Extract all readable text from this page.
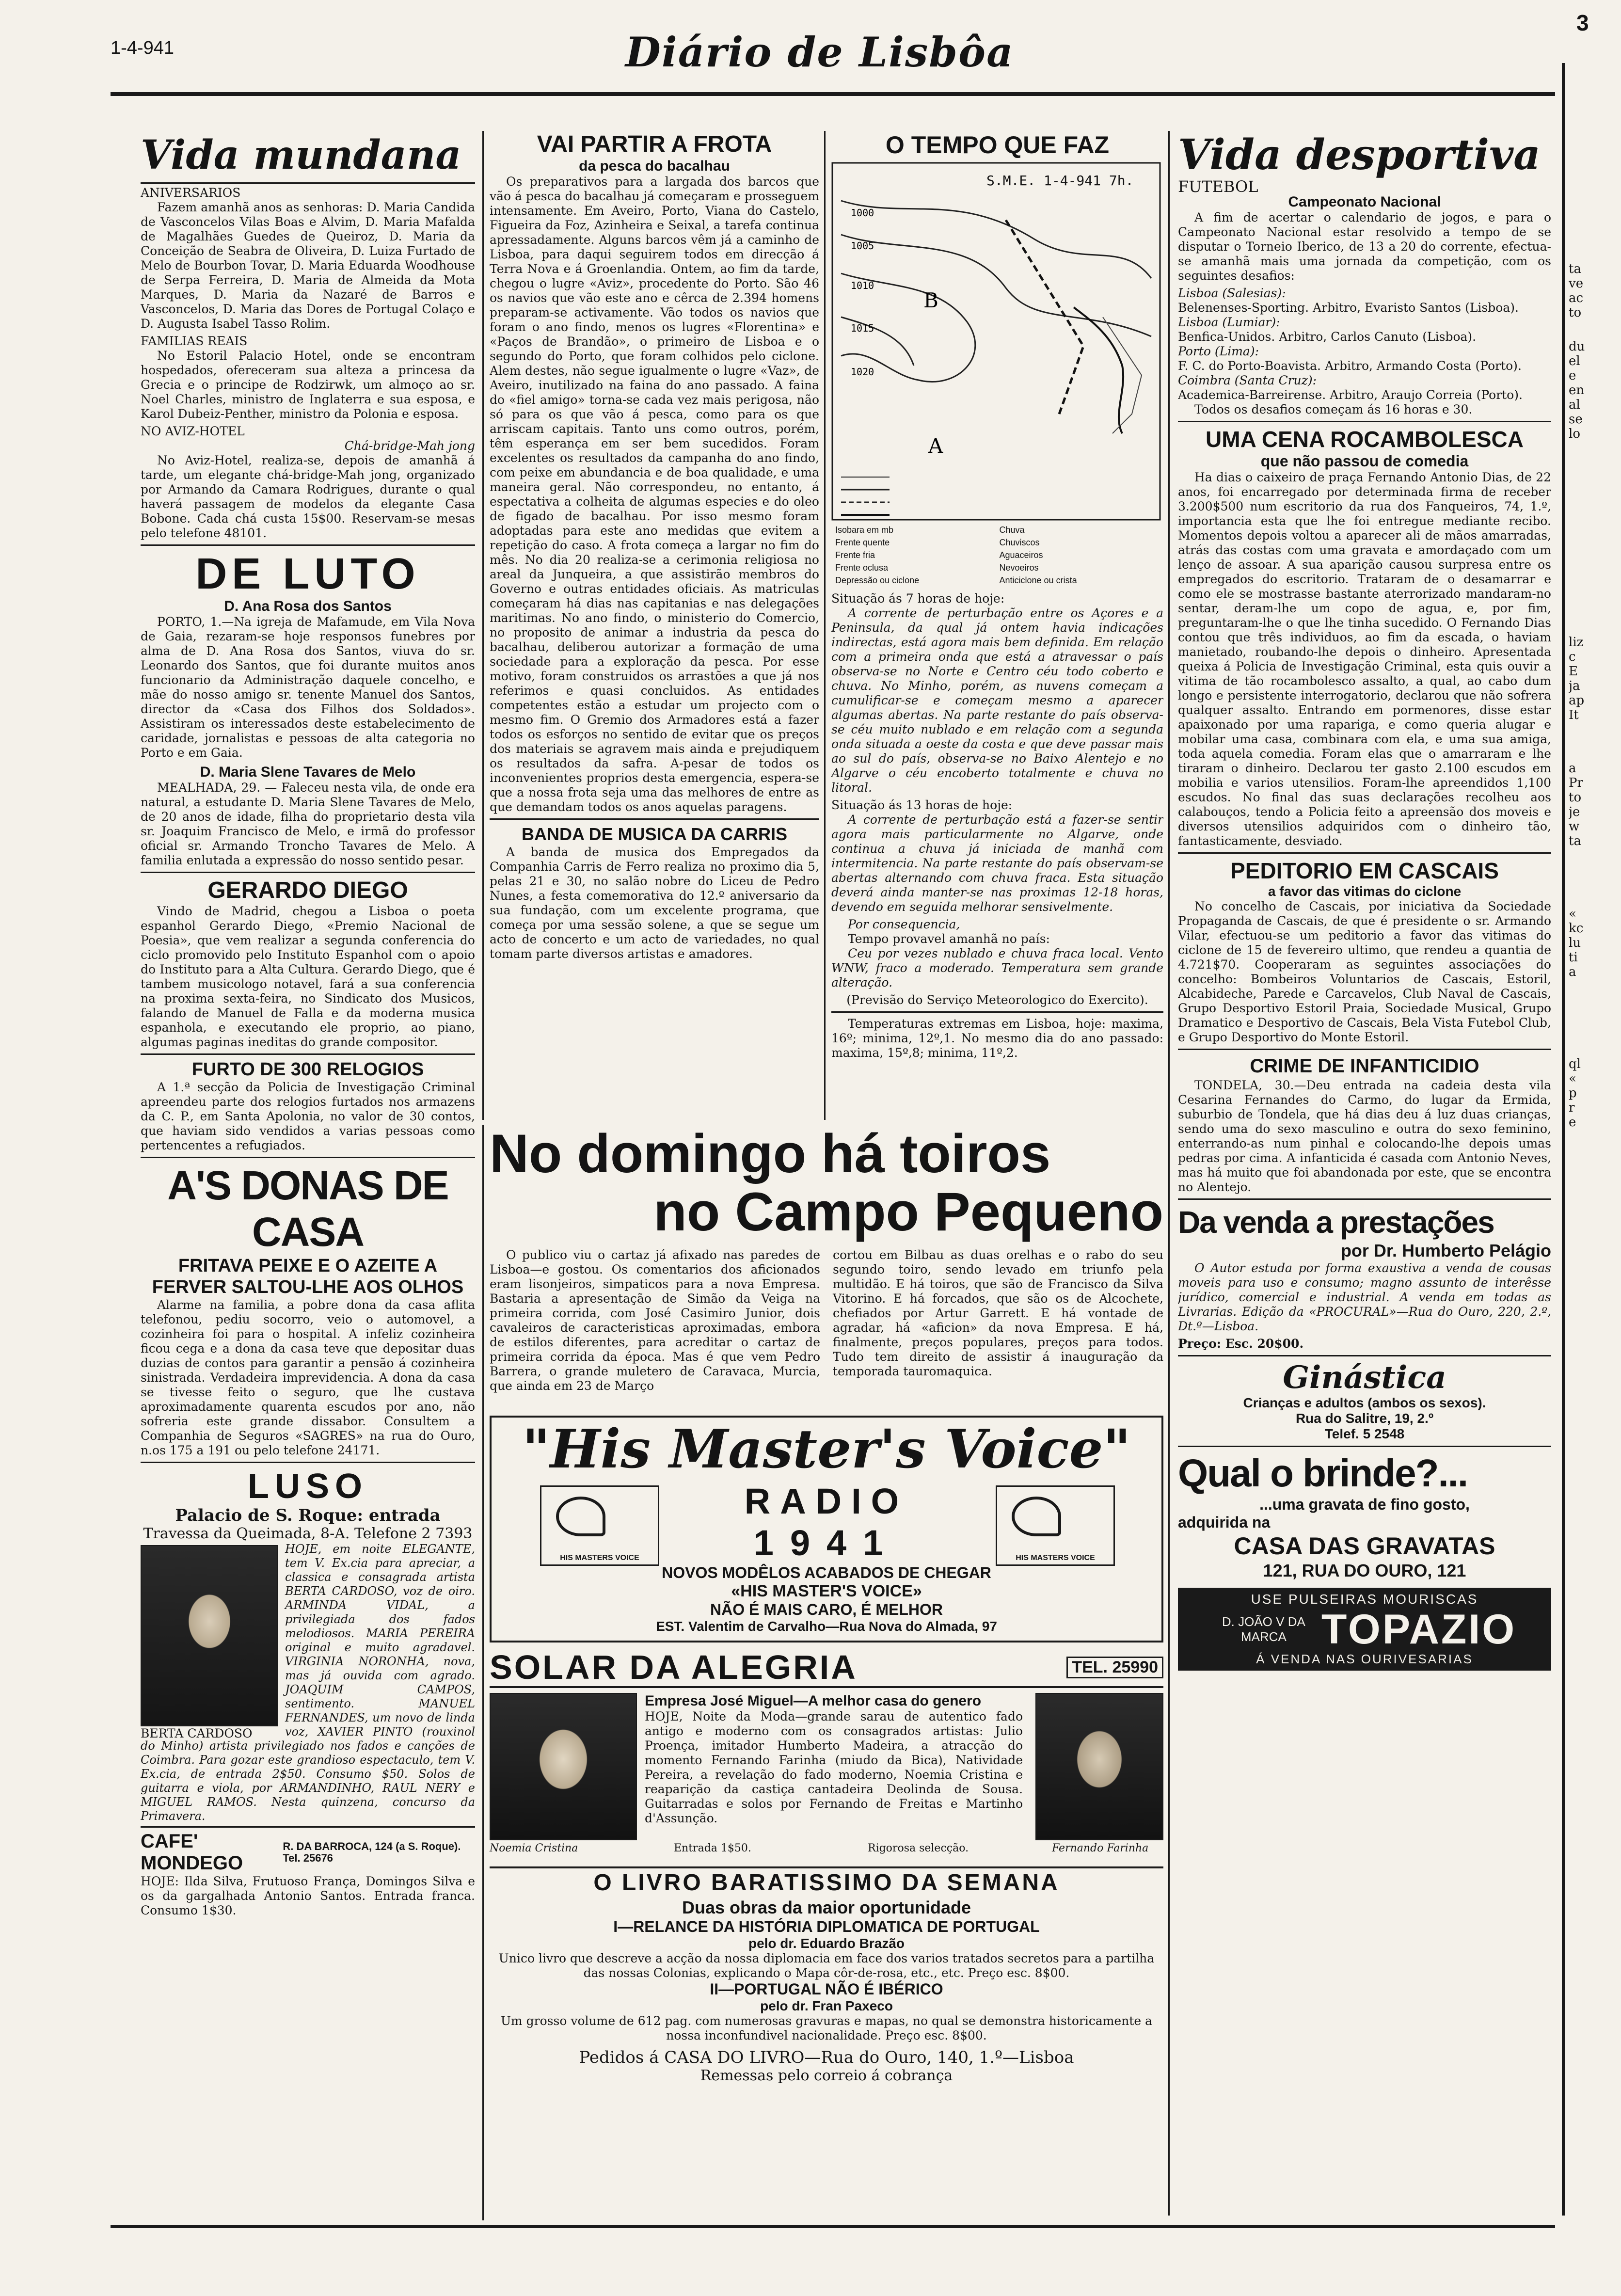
1-4-941	Diário de Lisbôa
3
Vida mundana
ANIVERSARIOS

Fazem amanhã anos as senhoras: D. Maria Candida de Vasconcelos Vilas Boas e Alvim, D. Maria Mafalda de Magalhães Guedes de Queiroz, D. Maria da Conceição de Seabra de Oliveira, D. Luiza Furtado de Melo de Bourbon Tovar, D. Maria Eduarda Woodhouse de Serpa Ferreira, D. Maria de Almeida da Mota Marques, D. Maria da Nazaré de Barros e Vasconcelos, D. Maria das Dores de Portugal Colaço e D. Augusta Isabel Tasso Rolim.

FAMILIAS REAIS

No Estoril Palacio Hotel, onde se encontram hospedados, ofereceram sua alteza a princesa da Grecia e o principe de Rodzirwk, um almoço ao sr. Noel Charles, ministro de Inglaterra e sua esposa, e Karol Dubeiz-Penther, ministro da Polonia e esposa.

NO AVIZ-HOTEL
Chá-bridge-Mah jong

No Aviz-Hotel, realiza-se, depois de amanhã á tarde, um elegante chá-bridge-Mah jong, organizado por Armando da Camara Rodrigues, durante o qual haverá passagem de modelos da elegante Casa Bobone. Cada chá custa 15$00. Reservam-se mesas pelo telefone 48101.

DE LUTO
D. Ana Rosa dos Santos

PORTO, 1.—Na igreja de Mafamude, em Vila Nova de Gaia, rezaram-se hoje responsos funebres por alma de D. Ana Rosa dos Santos, viuva do sr. Leonardo dos Santos, que foi durante muitos anos funcionario da Administração daquele concelho, e mãe do nosso amigo sr. tenente Manuel dos Santos, director da «Casa dos Filhos dos Soldados». Assistiram os interessados deste estabelecimento de caridade, jornalistas e pessoas de alta categoria no Porto e em Gaia.

D. Maria Slene Tavares de Melo

MEALHADA, 29. — Faleceu nesta vila, de onde era natural, a estudante D. Maria Slene Tavares de Melo, de 20 anos de idade, filha do proprietario desta vila sr. Joaquim Francisco de Melo, e irmã do professor oficial sr. Armando Troncho Tavares de Melo. A familia enlutada a expressão do nosso sentido pesar.

GERARDO DIEGO

Vindo de Madrid, chegou a Lisboa o poeta espanhol Gerardo Diego, «Premio Nacional de Poesia», que vem realizar a segunda conferencia do ciclo promovido pelo Instituto Espanhol com o apoio do Instituto para a Alta Cultura. Gerardo Diego, que é tambem musicologo notavel, fará a sua conferencia na proxima sexta-feira, no Sindicato dos Musicos, falando de Manuel de Falla e da moderna musica espanhola, e executando ele proprio, ao piano, algumas paginas ineditas do grande compositor.

FURTO DE 300 RELOGIOS

A 1.ª secção da Policia de Investigação Criminal apreendeu parte dos relogios furtados nos armazens da C. P., em Santa Apolonia, no valor de 30 contos, que haviam sido vendidos a varias pessoas como pertencentes a refugiados.

A'S DONAS DE CASA
FRITAVA PEIXE E O AZEITE A FERVER SALTOU-LHE AOS OLHOS

Alarme na familia, a pobre dona da casa aflita telefonou, pediu socorro, veio o automovel, a cozinheira foi para o hospital. A infeliz cozinheira ficou cega e a dona da casa teve que depositar duas duzias de contos para garantir a pensão á cozinheira sinistrada. Verdadeira imprevidencia. A dona da casa se tivesse feito o seguro, que lhe custava aproximadamente quarenta escudos por ano, não sofreria este grande dissabor. Consultem a Companhia de Seguros «SAGRES» na rua do Ouro, n.os 175 a 191 ou pelo telefone 24171.

LUSO
Palacio de S. Roque: entrada
Travessa da Queimada, 8-A. Telefone 2 7393
HOJE, em noite ELEGANTE, tem V. Ex.cia para apreciar, a classica e consagrada artista BERTA CARDOSO, voz de oiro. ARMINDA VIDAL, a privilegiada dos fados melodiosos. MARIA PEREIRA original e muito agradavel. VIRGINIA NORONHA, nova, mas já ouvida com agrado. JOAQUIM CAMPOS, sentimento. MANUEL FERNANDES, um novo de linda voz, XAVIER PINTO (rouxinol do Minho) artista privilegiado nos fados e canções de Coimbra. Para gozar este grandioso espectaculo, tem V. Ex.cia, de entrada 2$50. Consumo $50. Solos de guitarra e viola, por ARMANDINHO, RAUL NERY e MIGUEL RAMOS. Nesta quinzena, concurso da Primavera.
BERTA CARDOSO
CAFE' MONDEGO
R. DA BARROCA, 124 (a S. Roque). Tel. 25676
HOJE: Ilda Silva, Frutuoso França, Domingos Silva e os da gargalhada Antonio Santos. Entrada franca. Consumo 1$30.
VAI PARTIR A FROTA
da pesca do bacalhau

Os preparativos para a largada dos barcos que vão á pesca do bacalhau já começaram e prosseguem intensamente. Em Aveiro, Porto, Viana do Castelo, Figueira da Foz, Azinheira e Seixal, a tarefa continua apressadamente. Alguns barcos vêm já a caminho de Lisboa, para daqui seguirem todos em direcção á Terra Nova e á Groenlandia. Ontem, ao fim da tarde, chegou o lugre «Aviz», procedente do Porto. São 46 os navios que vão este ano e cêrca de 2.394 homens preparam-se activamente. Vão todos os navios que foram o ano findo, menos os lugres «Florentina» e «Paços de Brandão», o primeiro de Lisboa e o segundo do Porto, que foram colhidos pelo ciclone. Alem destes, não segue igualmente o lugre «Vaz», de Aveiro, inutilizado na faina do ano passado. A faina do «fiel amigo» torna-se cada vez mais perigosa, não só para os que vão á pesca, como para os que arriscam capitais. Tanto uns como outros, porém, têm esperança em ser bem sucedidos. Foram excelentes os resultados da campanha do ano findo, com peixe em abundancia e de boa qualidade, e uma maneira geral. Não correspondeu, no entanto, á espectativa a colheita de algumas especies e do oleo de figado de bacalhau. Por isso mesmo foram adoptadas para este ano medidas que evitem a repetição do caso. A frota começa a largar no fim do mês. No dia 20 realiza-se a cerimonia religiosa no areal da Junqueira, a que assistirão membros do Governo e outras entidades oficiais. As matriculas começaram há dias nas capitanias e nas delegações maritimas. No ano findo, o ministerio do Comercio, no proposito de animar a industria da pesca do bacalhau, deliberou autorizar a formação de uma sociedade para a exploração da pesca. Por esse motivo, foram construidos os arrastões a que já nos referimos e quasi concluidos. As entidades competentes estão a estudar um projecto com o mesmo fim. O Gremio dos Armadores está a fazer todos os esforços no sentido de evitar que os preços dos materiais se agravem mais ainda e prejudiquem os resultados da safra. A-pesar de todos os inconvenientes proprios desta emergencia, espera-se que a nossa frota seja uma das melhores de entre as que demandam todos os anos aquelas paragens.

BANDA DE MUSICA DA CARRIS

A banda de musica dos Empregados da Companhia Carris de Ferro realiza no proximo dia 5, pelas 21 e 30, no salão nobre do Liceu de Pedro Nunes, a festa comemorativa do 12.º aniversario da sua fundação, com um excelente programa, que começa por uma sessão solene, a que se segue um acto de concerto e um acto de variedades, no qual tomam parte diversos artistas e amadores.

O TEMPO QUE FAZ
S.M.E. 1-4-941 7h.
1000
1005
1010
1015
1020
B
A
Isobara em mb	Chuva
Frente quente	Chuviscos
Frente fria	Aguaceiros
Frente oclusa	Nevoeiros
Depressão ou ciclone	Anticiclone ou crista
Situação ás 7 horas de hoje:

A corrente de perturbação entre os Açores e a Peninsula, da qual já ontem havia indicações indirectas, está agora mais bem definida. Em relação com a primeira onda que está a atravessar o país observa-se no Norte e Centro céu todo coberto e chuva. No Minho, porém, as nuvens começam a cumulificar-se e começam mesmo a aparecer algumas abertas. Na parte restante do país observa-se céu muito nublado e em relação com a segunda onda situada a oeste da costa e que deve passar mais ao sul do país, observa-se no Baixo Alentejo e no Algarve o céu encoberto totalmente e chuva no litoral.

Situação ás 13 horas de hoje:

A corrente de perturbação está a fazer-se sentir agora mais particularmente no Algarve, onde continua a chuva já iniciada de manhã com intermitencia. Na parte restante do país observam-se abertas alternando com chuva fraca. Esta situação deverá ainda manter-se nas proximas 12-18 horas, devendo em seguida melhorar sensivelmente.

Por consequencia,
Tempo provavel amanhã no país:

Ceu por vezes nublado e chuva fraca local. Vento WNW, fraco a moderado. Temperatura sem grande alteração.

(Previsão do Serviço Meteorologico do Exercito).

Temperaturas extremas em Lisboa, hoje: maxima, 16º; minima, 12º,1. No mesmo dia do ano passado: maxima, 15º,8; minima, 11º,2.

No domingo há toiros
no Campo Pequeno

O publico viu o cartaz já afixado nas paredes de Lisboa—e gostou. Os comentarios dos aficionados eram lisonjeiros, simpaticos para a nova Empresa. Bastaria a apresentação de Simão da Veiga na primeira corrida, com José Casimiro Junior, dois cavaleiros de caracteristicas aproximadas, embora de estilos diferentes, para acreditar o cartaz de primeira corrida da época. Mas é que vem Pedro Barrera, o grande muletero de Caravaca, Murcia, que ainda em 23 de Março

cortou em Bilbau as duas orelhas e o rabo do seu segundo toiro, sendo levado em triunfo pela multidão. E há toiros, que são de Francisco da Silva Vitorino. E há forcados, que são os de Alcochete, chefiados por Artur Garrett. E há vontade de agradar, há «aficion» da nova Empresa. E há, finalmente, preços populares, preços para todos. Tudo tem direito de assistir á inauguração da temporada tauromaquica.
"His Master's Voice"
RADIO
1941
HIS MASTERS VOICE	HIS MASTERS VOICE
NOVOS MODÊLOS ACABADOS DE CHEGAR
«HIS MASTER'S VOICE»
NÃO É MAIS CARO, É MELHOR
EST. Valentim de Carvalho—Rua Nova do Almada, 97
SOLAR DA ALEGRIA	TEL. 25990
Empresa José Miguel—A melhor casa do genero
HOJE, Noite da Moda—grande sarau de autentico fado antigo e moderno com os consagrados artistas: Julio Proença, imitador Humberto Madeira, a atracção do momento Fernando Farinha (miudo da Bica), Natividade Pereira, a revelação do fado moderno, Noemia Cristina e reaparição da castiça cantadeira Deolinda de Sousa. Guitarradas e solos por Fernando de Freitas e Martinho d'Assunção.
Noemia Cristina	Entrada 1$50.	Rigorosa selecção.	Fernando Farinha
O LIVRO BARATISSIMO DA SEMANA
Duas obras da maior oportunidade
I—RELANCE DA HISTÓRIA DIPLOMATICA DE PORTUGAL
pelo dr. Eduardo Brazão
Unico livro que descreve a acção da nossa diplomacia em face dos varios tratados secretos para a partilha das nossas Colonias, explicando o Mapa côr-de-rosa, etc., etc. Preço esc. 8$00.
II—PORTUGAL NÃO É IBÉRICO
pelo dr. Fran Paxeco
Um grosso volume de 612 pag. com numerosas gravuras e mapas, no qual se demonstra historicamente a nossa inconfundivel nacionalidade. Preço esc. 8$00.
Pedidos á CASA DO LIVRO—Rua do Ouro, 140, 1.º—Lisboa
Remessas pelo correio á cobrança
Vida desportiva
FUTEBOL
Campeonato Nacional

A fim de acertar o calendario de jogos, e para o Campeonato Nacional estar resolvido a tempo de se disputar o Torneio Iberico, de 13 a 20 do corrente, efectua-se amanhã mais uma jornada da competição, com os seguintes desafios:

Lisboa (Salesias):
Belenenses-Sporting. Arbitro, Evaristo Santos (Lisboa).
Lisboa (Lumiar):
Benfica-Unidos. Arbitro, Carlos Canuto (Lisboa).
Porto (Lima):
F. C. do Porto-Boavista. Arbitro, Armando Costa (Porto).
Coimbra (Santa Cruz):
Academica-Barreirense. Arbitro, Araujo Correia (Porto).
Todos os desafios começam ás 16 horas e 30.
UMA CENA ROCAMBOLESCA
que não passou de comedia

Ha dias o caixeiro de praça Fernando Antonio Dias, de 22 anos, foi encarregado por determinada firma de receber 3.200$500 num escritorio da rua dos Fanqueiros, 74, 1.º, importancia esta que lhe foi entregue mediante recibo. Momentos depois voltou a aparecer ali de mãos amarradas, atrás das costas com uma gravata e amordaçado com um lenço de assoar. A sua aparição causou surpresa entre os empregados do escritorio. Trataram de o desamarrar e como ele se mostrasse bastante aterrorizado mandaram-no sentar, deram-lhe um copo de agua, e, por fim, preguntaram-lhe o que lhe tinha sucedido. O Fernando Dias contou que três individuos, ao fim da escada, o haviam manietado, roubando-lhe depois o dinheiro. Apresentada queixa á Policia de Investigação Criminal, esta quis ouvir a vitima de tão rocambolesco assalto, a qual, ao cabo dum longo e persistente interrogatorio, declarou que não sofrera qualquer assalto. Entrando em pormenores, disse estar apaixonado por uma rapariga, e como queria alugar e mobilar uma casa, combinara com ela, e uma sua amiga, toda aquela comedia. Foram elas que o amarraram e lhe tiraram o dinheiro. Declarou ter gasto 2.100 escudos em mobilia e varios utensilios. Foram-lhe apreendidos 1,100 escudos. No final das suas declarações recolheu aos calabouços, tendo a Policia feito a apreensão dos moveis e diversos utensilios adquiridos com o dinheiro tão, fantasticamente, desviado.

PEDITORIO EM CASCAIS
a favor das vitimas do ciclone

No concelho de Cascais, por iniciativa da Sociedade Propaganda de Cascais, de que é presidente o sr. Armando Vilar, efectuou-se um peditorio a favor das vitimas do ciclone de 15 de fevereiro ultimo, que rendeu a quantia de 4.721$70. Cooperaram as seguintes associações do concelho: Bombeiros Voluntarios de Cascais, Estoril, Alcabideche, Parede e Carcavelos, Club Naval de Cascais, Grupo Desportivo Estoril Praia, Sociedade Musical, Grupo Dramatico e Desportivo de Cascais, Bela Vista Futebol Club, e Grupo Desportivo do Monte Estoril.

CRIME DE INFANTICIDIO

TONDELA, 30.—Deu entrada na cadeia desta vila Cesarina Fernandes do Carmo, do lugar da Ermida, suburbio de Tondela, que há dias deu á luz duas crianças, sendo uma do sexo masculino e outra do sexo feminino, enterrando-as num pinhal e colocando-lhe depois umas pedras por cima. A infanticida é casada com Antonio Neves, mas há muito que foi abandonada por este, que se encontra no Alentejo.

Da venda a prestações
por Dr. Humberto Pelágio

O Autor estuda por forma exaustiva a venda de cousas moveis para uso e consumo; magno assunto de interêsse jurídico, comercial e industrial. A venda em todas as Livrarias. Edição da «PROCURAL»—Rua do Ouro, 220, 2.º, Dt.º—Lisboa.

Preço: Esc. 20$00.
Ginástica
Crianças e adultos (ambos os sexos).
Rua do Salitre, 19, 2.º
Telef. 5 2548
Qual o brinde?...
...uma gravata de fino gosto,
adquirida na
CASA DAS GRAVATAS
121, RUA DO OURO, 121
USE PULSEIRAS MOURISCAS
D. JOÃO V DA MARCA TOPAZIO
Á VENDA NAS OURIVESARIAS
ta
ve
ac
to
du
el
e
en
al
se
lo
liz
c
E
ja
ap
It
a
Pr
to
je
w
ta
«
kc
lu
ti
a
ql
«
p
r
e
